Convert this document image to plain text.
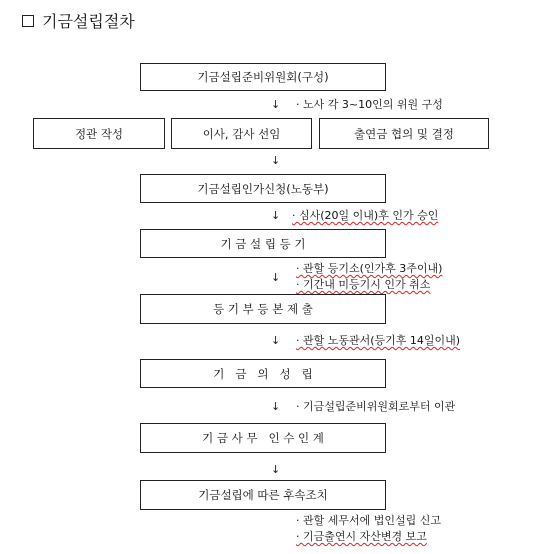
기금설립절차
기금설립준비위원회(구성)
↓ · 노사 각 3~10인의 위원 구성
정관 작성	이사, 감사 선임	출연금 협의 및 결정
↓
기금설립인가신청(노동부)
↓ · 심사(20일 이내)후 인가 승인
기 금 설 립 등 기
↓
· 관할 등기소(인가후 3주이내)
· 기간내 미등기시 인가 취소
등 기 부 등 본 제 출
↓ · 관할 노동관서(등기후 14일이내)
기   금   의   성   립
↓ · 기금설립준비위원회로부터 이관
기 금 사 무   인 수 인 계
↓
기금설립에 따른 후속조치
· 관할 세무서에 법인설립 신고
· 기금출연시 자산변경 보고
